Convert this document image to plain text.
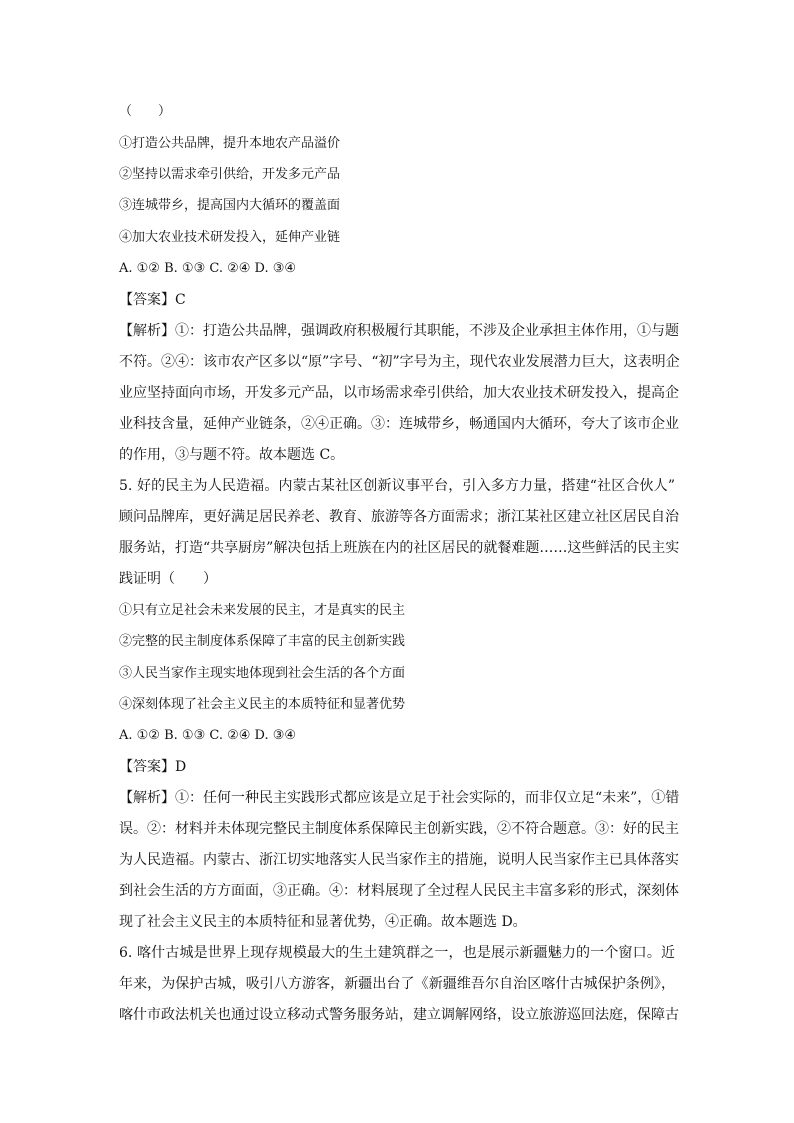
（　　）
①打造公共品牌，提升本地农产品溢价
②坚持以需求牵引供给，开发多元产品
③连城带乡，提高国内大循环的覆盖面
④加大农业技术研发投入，延伸产业链
A. ①② B. ①③ C. ②④ D. ③④
【答案】C
【解析】①：打造公共品牌，强调政府积极履行其职能，不涉及企业承担主体作用，①与题
不符。②④：该市农产区多以“原”字号、“初”字号为主，现代农业发展潜力巨大，这表明企
业应坚持面向市场，开发多元产品，以市场需求牵引供给，加大农业技术研发投入，提高企
业科技含量，延伸产业链条，②④正确。③：连城带乡，畅通国内大循环，夸大了该市企业
的作用，③与题不符。故本题选 C。
5. 好的民主为人民造福。内蒙古某社区创新议事平台，引入多方力量，搭建“社区合伙人”
顾问品牌库，更好满足居民养老、教育、旅游等各方面需求；浙江某社区建立社区居民自治
服务站，打造“共享厨房”解决包括上班族在内的社区居民的就餐难题……这些鲜活的民主实
践证明（　　）
①只有立足社会未来发展的民主，才是真实的民主
②完整的民主制度体系保障了丰富的民主创新实践
③人民当家作主现实地体现到社会生活的各个方面
④深刻体现了社会主义民主的本质特征和显著优势
A. ①② B. ①③ C. ②④ D. ③④
【答案】D
【解析】①：任何一种民主实践形式都应该是立足于社会实际的，而非仅立足“未来”，①错
误。②：材料并未体现完整民主制度体系保障民主创新实践，②不符合题意。③：好的民主
为人民造福。内蒙古、浙江切实地落实人民当家作主的措施，说明人民当家作主已具体落实
到社会生活的方方面面，③正确。④：材料展现了全过程人民民主丰富多彩的形式，深刻体
现了社会主义民主的本质特征和显著优势，④正确。故本题选 D。
6. 喀什古城是世界上现存规模最大的生土建筑群之一，也是展示新疆魅力的一个窗口。近
年来，为保护古城，吸引八方游客，新疆出台了《新疆维吾尔自治区喀什古城保护条例》，
喀什市政法机关也通过设立移动式警务服务站，建立调解网络，设立旅游巡回法庭，保障古
